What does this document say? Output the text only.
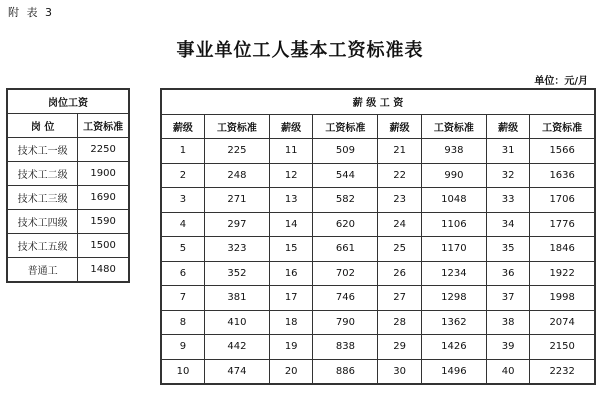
附 表 3
事业单位工人基本工资标准表
单位：元/月
岗位工资	
岗 位	工资标准
技术工一级	2250
技术工二级	1900
技术工三级	1690
技术工四级	1590
技术工五级	1500
普通工	1480
薪 级 工 资							
薪级	工资标准	薪级	工资标准	薪级	工资标准	薪级	工资标准
1	225	11	509	21	938	31	1566
2	248	12	544	22	990	32	1636
3	271	13	582	23	1048	33	1706
4	297	14	620	24	1106	34	1776
5	323	15	661	25	1170	35	1846
6	352	16	702	26	1234	36	1922
7	381	17	746	27	1298	37	1998
8	410	18	790	28	1362	38	2074
9	442	19	838	29	1426	39	2150
10	474	20	886	30	1496	40	2232
